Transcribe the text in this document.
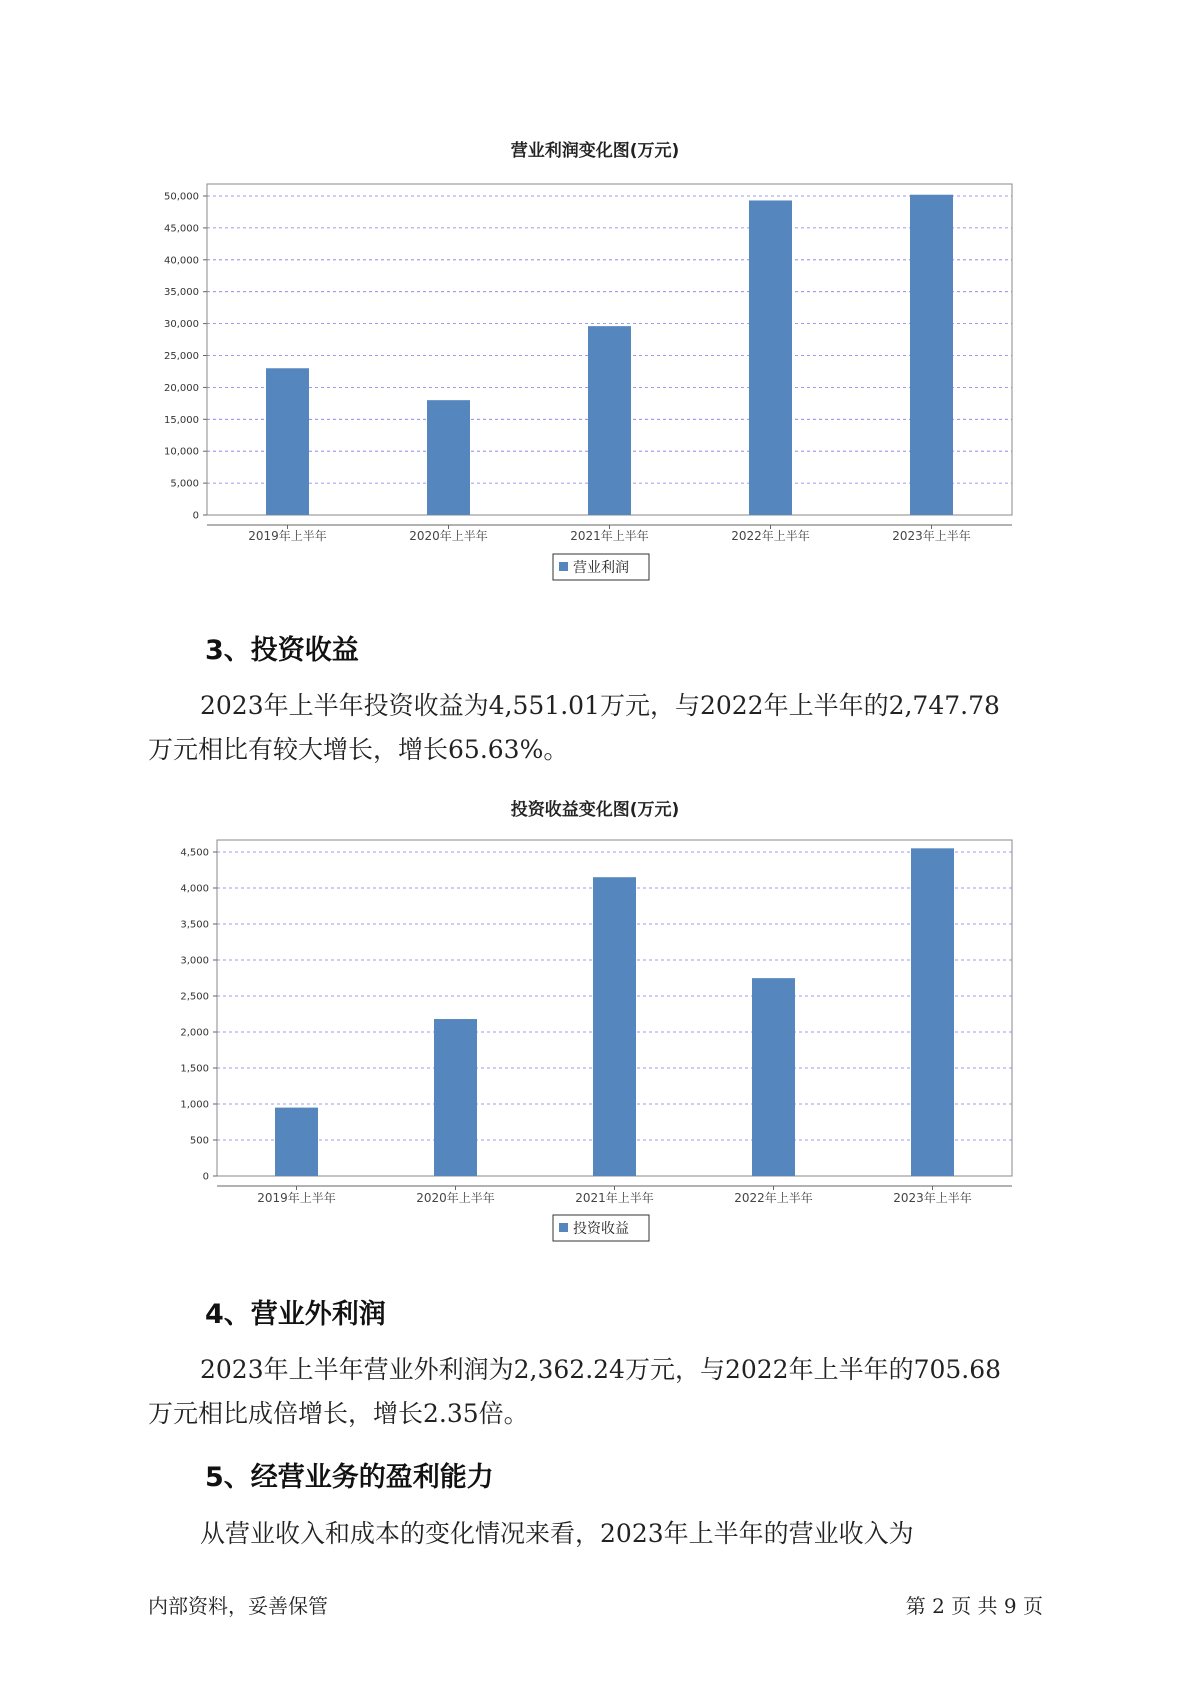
营业利润变化图(万元)
0
5,000
10,000
15,000
20,000
25,000
30,000
35,000
40,000
45,000
50,000
2019年上半年	2020年上半年	2021年上半年	2022年上半年	2023年上半年
营业利润
3、投资收益

2023年上半年投资收益为4,551.01万元，与2022年上半年的2,747.78
万元相比有较大增长，增长65.63%。

投资收益变化图(万元)
0
500
1,000
1,500
2,000
2,500
3,000
3,500
4,000
4,500
2019年上半年	2020年上半年	2021年上半年	2022年上半年	2023年上半年
投资收益
4、营业外利润

2023年上半年营业外利润为2,362.24万元，与2022年上半年的705.68
万元相比成倍增长，增长2.35倍。

5、经营业务的盈利能力

从营业收入和成本的变化情况来看，2023年上半年的营业收入为

内部资料，妥善保管	第 2 页 共 9 页
